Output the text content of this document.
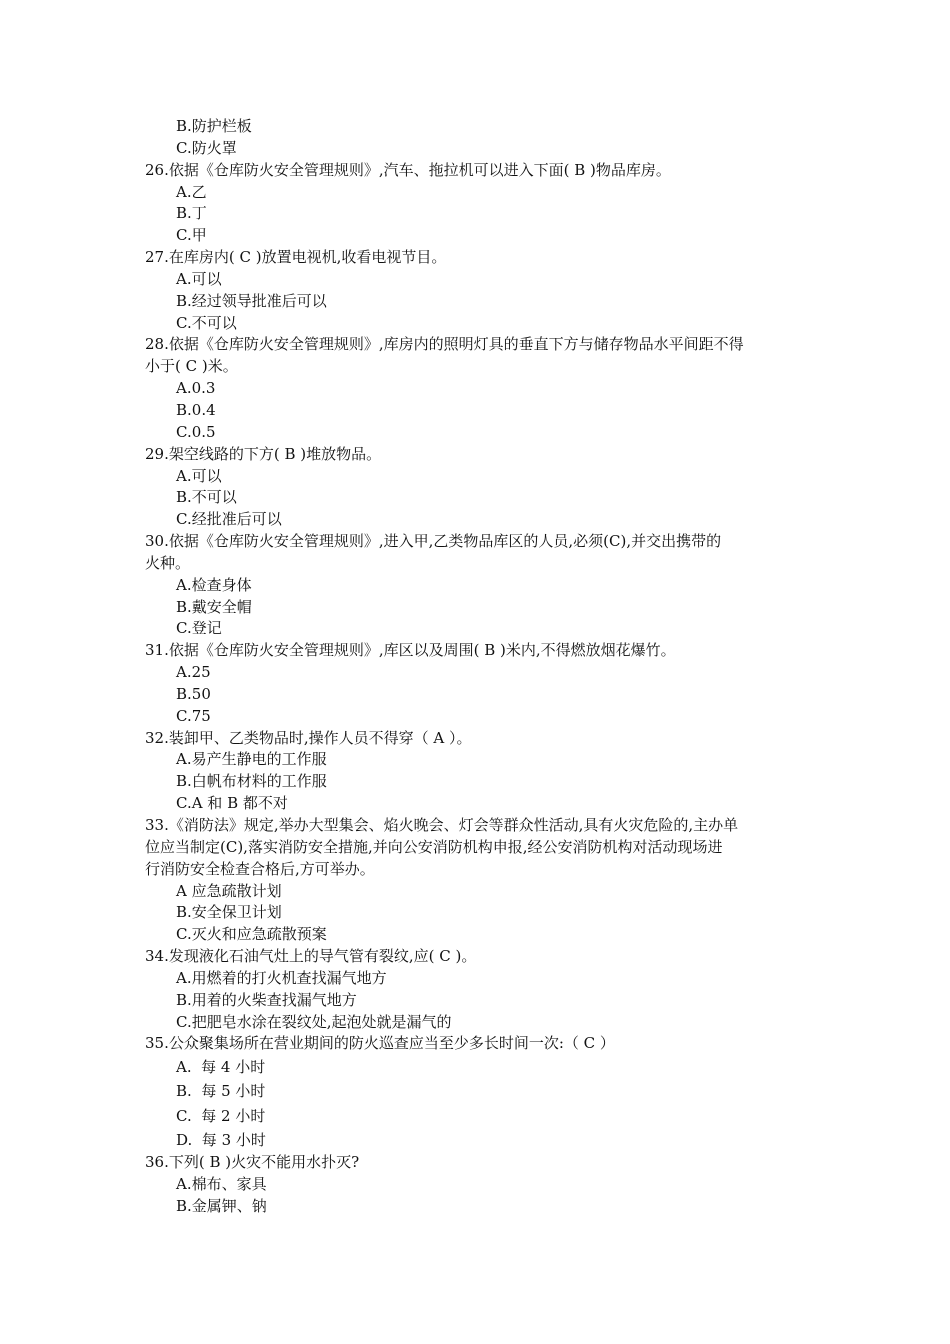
B.防护栏板
C.防火罩
26.依据《仓库防火安全管理规则》,汽车、拖拉机可以进入下面( B )物品库房。
A.乙
B.丁
C.甲
27.在库房内( C )放置电视机,收看电视节目。
A.可以
B.经过领导批准后可以
C.不可以
28.依据《仓库防火安全管理规则》,库房内的照明灯具的垂直下方与储存物品水平间距不得
小于( C )米。
A.0.3
B.0.4
C.0.5
29.架空线路的下方( B )堆放物品。
A.可以
B.不可以
C.经批准后可以
30.依据《仓库防火安全管理规则》,进入甲,乙类物品库区的人员,必须(C),并交出携带的
火种。
A.检查身体
B.戴安全帽
C.登记
31.依据《仓库防火安全管理规则》,库区以及周围( B )米内,不得燃放烟花爆竹。
A.25
B.50
C.75
32.装卸甲、乙类物品时,操作人员不得穿（ A ）。
A.易产生静电的工作服
B.白帆布材料的工作服
C.A 和 B 都不对
33.《消防法》规定,举办大型集会、焰火晚会、灯会等群众性活动,具有火灾危险的,主办单
位应当制定(C),落实消防安全措施,并向公安消防机构申报,经公安消防机构对活动现场进
行消防安全检查合格后,方可举办。
A 应急疏散计划
B.安全保卫计划
C.灭火和应急疏散预案
34.发现液化石油气灶上的导气管有裂纹,应( C )。
A.用燃着的打火机查找漏气地方
B.用着的火柴查找漏气地方
C.把肥皂水涂在裂纹处,起泡处就是漏气的
35.公众聚集场所在营业期间的防火巡查应当至少多长时间一次:（ C ）
A.  每 4 小时
B.  每 5 小时
C.  每 2 小时
D.  每 3 小时
36.下列( B )火灾不能用水扑灭?
A.棉布、家具
B.金属钾、钠
